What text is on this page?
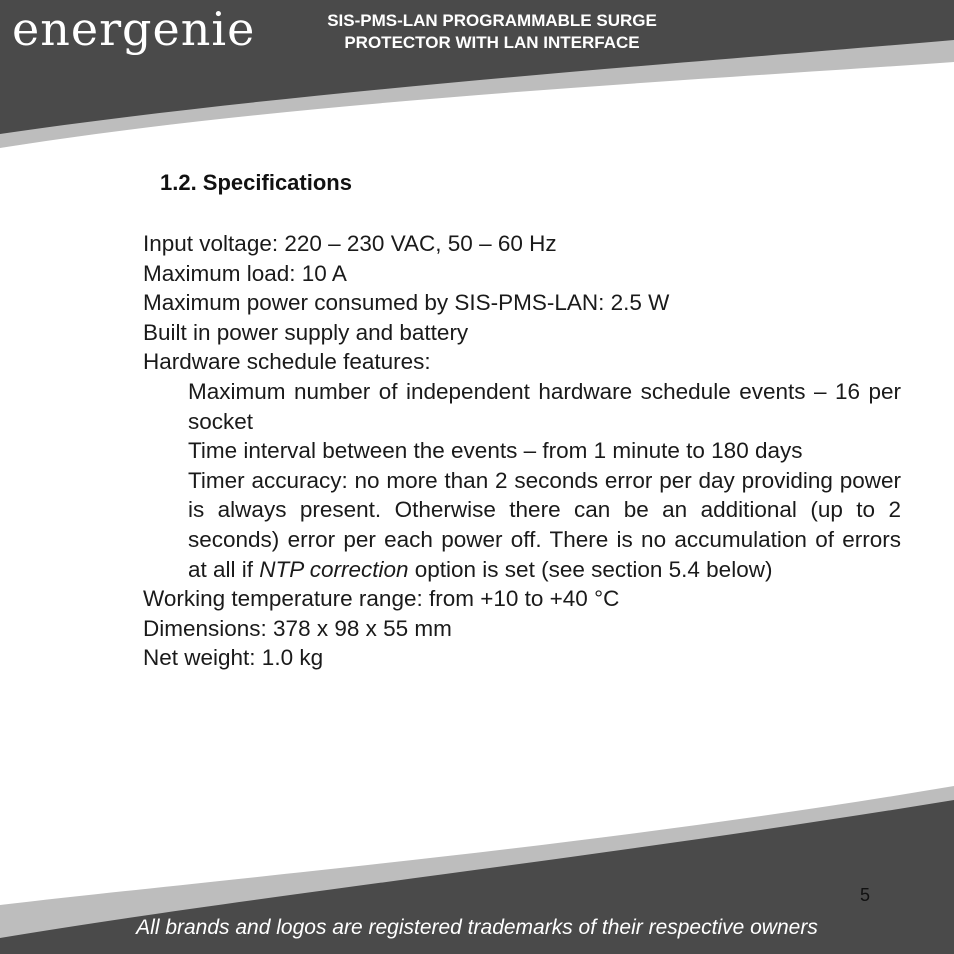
energenie	SIS-PMS-LAN PROGRAMMABLE SURGE
PROTECTOR WITH LAN INTERFACE
1.2. Specifications
Input voltage: 220 – 230 VAC, 50 – 60 Hz
Maximum load: 10 A
Maximum power consumed by SIS-PMS-LAN: 2.5 W
Built in power supply and battery
Hardware schedule features:
Maximum number of independent hardware schedule events – 16 per socket
Time interval between the events – from 1 minute to 180 days
Timer accuracy: no more than 2 seconds error per day providing power is always present. Otherwise there can be an additional (up to 2 seconds) error per each power off. There is no accumulation of errors at all if NTP correction option is set (see section 5.4 below)
Working temperature range: from +10 to +40 °C
Dimensions: 378 x 98 x 55 mm
Net weight: 1.0 kg
5
All brands and logos are registered trademarks of their respective owners
